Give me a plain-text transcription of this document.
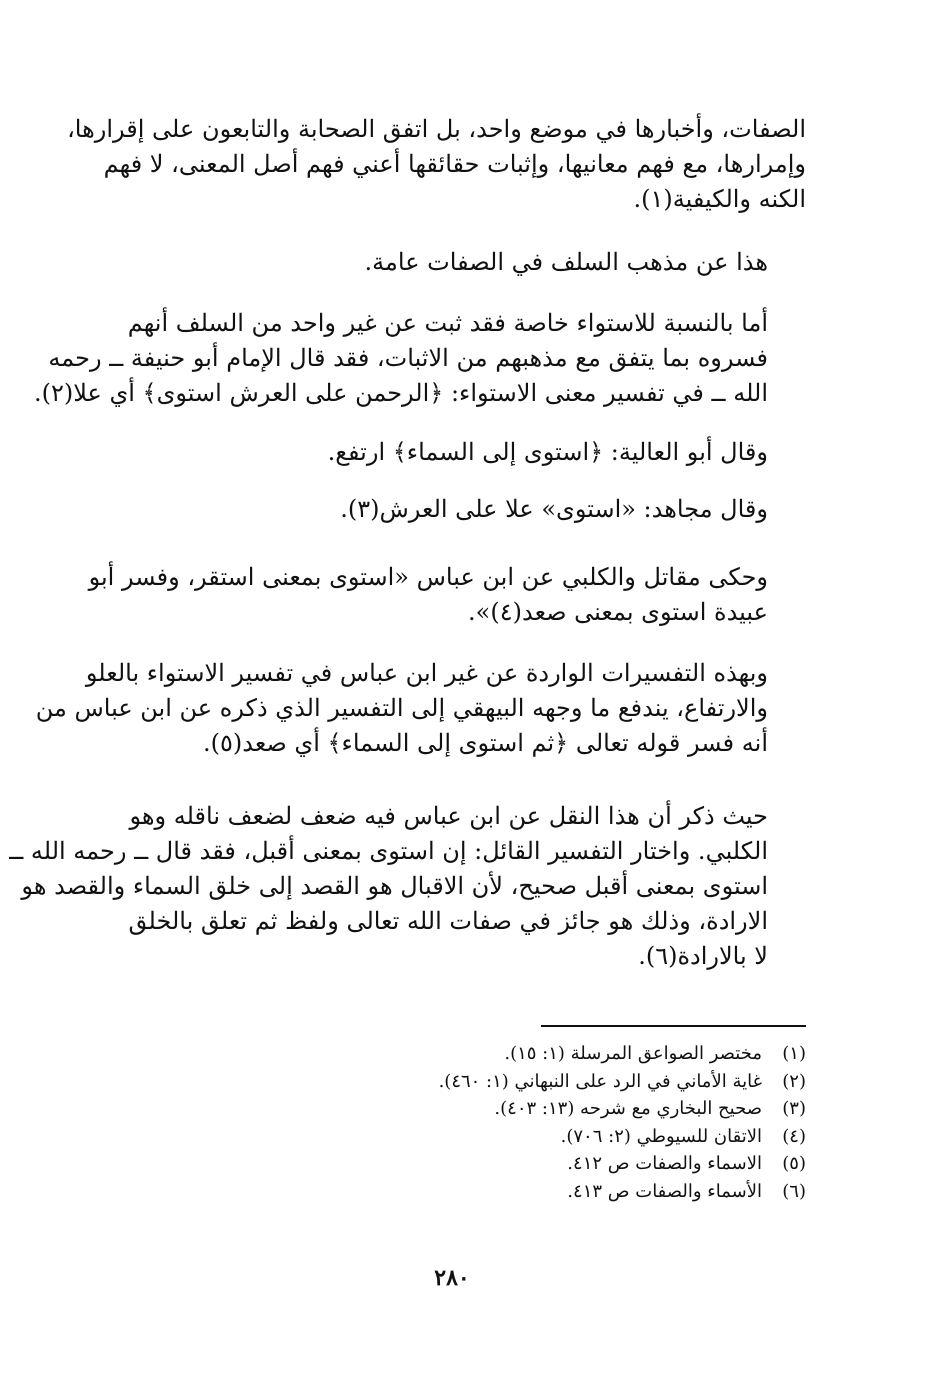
الصفات، وأخبارها في موضع واحد، بل اتفق الصحابة والتابعون على إقرارها،
وإمرارها، مع فهم معانيها، وإثبات حقائقها أعني فهم أصل المعنى، لا فهم
الكنه والكيفية(١).

هذا عن مذهب السلف في الصفات عامة.

أما بالنسبة للاستواء خاصة فقد ثبت عن غير واحد من السلف أنهم
فسروه بما يتفق مع مذهبهم من الاثبات، فقد قال الإمام أبو حنيفة ــ رحمه
الله ــ في تفسير معنى الاستواء: ﴿الرحمن على العرش استوى﴾ أي علا(٢).

وقال أبو العالية: ﴿استوى إلى السماء﴾ ارتفع.

وقال مجاهد: «استوى» علا على العرش(٣).

وحكى مقاتل والكلبي عن ابن عباس «استوى بمعنى استقر، وفسر أبو
عبيدة استوى بمعنى صعد(٤)».

وبهذه التفسيرات الواردة عن غير ابن عباس في تفسير الاستواء بالعلو
والارتفاع، يندفع ما وجهه البيهقي إلى التفسير الذي ذكره عن ابن عباس من
أنه فسر قوله تعالى ﴿ثم استوى إلى السماء﴾ أي صعد(٥).

حيث ذكر أن هذا النقل عن ابن عباس فيه ضعف لضعف ناقله وهو
الكلبي. واختار التفسير القائل: إن استوى بمعنى أقبل، فقد قال ــ رحمه الله ــ
استوى بمعنى أقبل صحيح، لأن الاقبال هو القصد إلى خلق السماء والقصد هو
الارادة، وذلك هو جائز في صفات الله تعالى ولفظ ثم تعلق بالخلق
لا بالارادة(٦).

(١)
مختصر الصواعق المرسلة (١: ١٥).
(٢)
غاية الأماني في الرد على النبهاني (١: ٤٦٠).
(٣)
صحيح البخاري مع شرحه (١٣: ٤٠٣).
(٤)
الاتقان للسيوطي (٢: ٧٠٦).
(٥)
الاسماء والصفات ص ٤١٢.
(٦)
الأسماء والصفات ص ٤١٣.
٢٨٠
